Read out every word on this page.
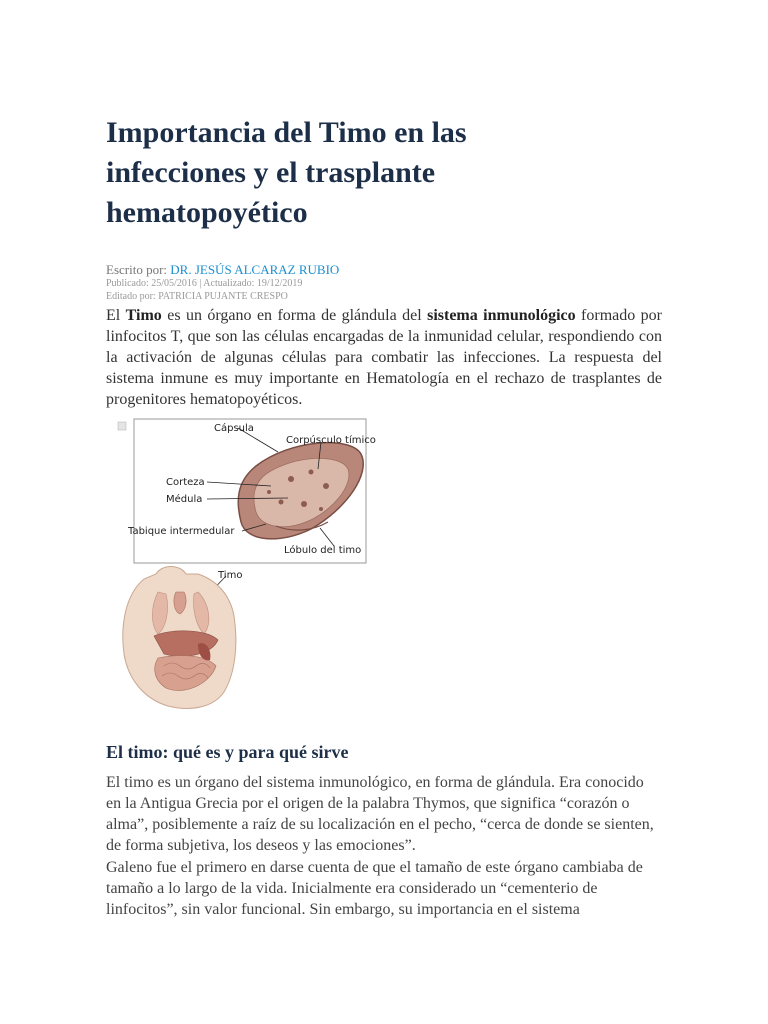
Importancia del Timo en las infecciones y el trasplante hematopoyético
Escrito por: DR. JESÚS ALCARAZ RUBIO
Publicado: 25/05/2016 | Actualizado: 19/12/2019
Editado por: PATRICIA PUJANTE CRESPO

El Timo es un órgano en forma de glándula del sistema inmunológico formado por linfocitos T, que son las células encargadas de la inmunidad celular, respondiendo con la activación de algunas células para combatir las infecciones. La respuesta del sistema inmune es muy importante en Hematología en el rechazo de trasplantes de progenitores hematopoyéticos.

Cápsula
Corpúsculo tímico
Corteza
Médula
Tabique intermedular
Lóbulo del timo
Timo
El timo: qué es y para qué sirve

El timo es un órgano del sistema inmunológico, en forma de glándula. Era conocido en la Antigua Grecia por el origen de la palabra Thymos, que significa “corazón o alma”, posiblemente a raíz de su localización en el pecho, “cerca de donde se sienten, de forma subjetiva, los deseos y las emociones”.

Galeno fue el primero en darse cuenta de que el tamaño de este órgano cambiaba de tamaño a lo largo de la vida. Inicialmente era considerado un “cementerio de linfocitos”, sin valor funcional. Sin embargo, su importancia en el sistema
